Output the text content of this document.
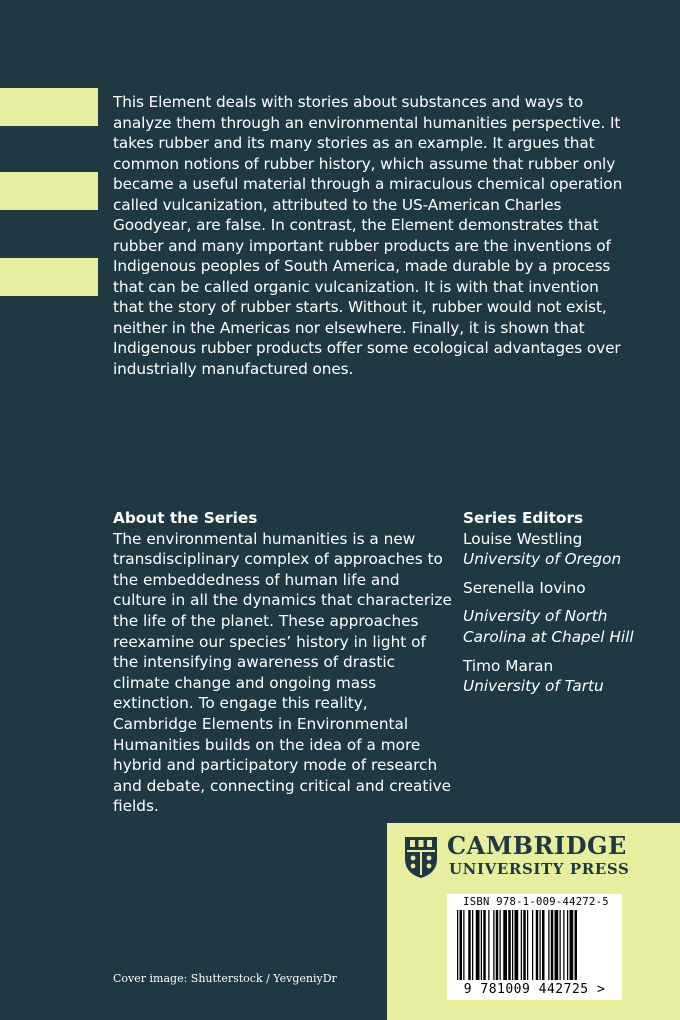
This Element deals with stories about substances and ways to analyze them through an environmental humanities perspective. It takes rubber and its many stories as an example. It argues that common notions of rubber history, which assume that rubber only became a useful material through a miraculous chemical operation called vulcanization, attributed to the US-American Charles Goodyear, are false. In contrast, the Element demonstrates that rubber and many important rubber products are the inventions of Indigenous peoples of South America, made durable by a process that can be called organic vulcanization. It is with that invention that the story of rubber starts. Without it, rubber would not exist, neither in the Americas nor elsewhere. Finally, it is shown that Indigenous rubber products offer some ecological advantages over industrially manufactured ones.

About the Series

The environmental humanities is a new transdisciplinary complex of approaches to the embeddedness of human life and culture in all the dynamics that characterize the life of the planet. These approaches reexamine our species’ history in light of the intensifying awareness of drastic climate change and ongoing mass extinction. To engage this reality, Cambridge Elements in Environmental Humanities builds on the idea of a more hybrid and participatory mode of research and debate, connecting critical and creative fields.

Series Editors

Louise Westling

University of Oregon

Serenella Iovino

University of North Carolina at Chapel Hill

Timo Maran

University of Tartu

CAMBRIDGE
UNIVERSITY PRESS
ISBN 978-1-009-44272-5
9 781009 442725 >
Cover image: Shutterstock / YevgeniyDr
